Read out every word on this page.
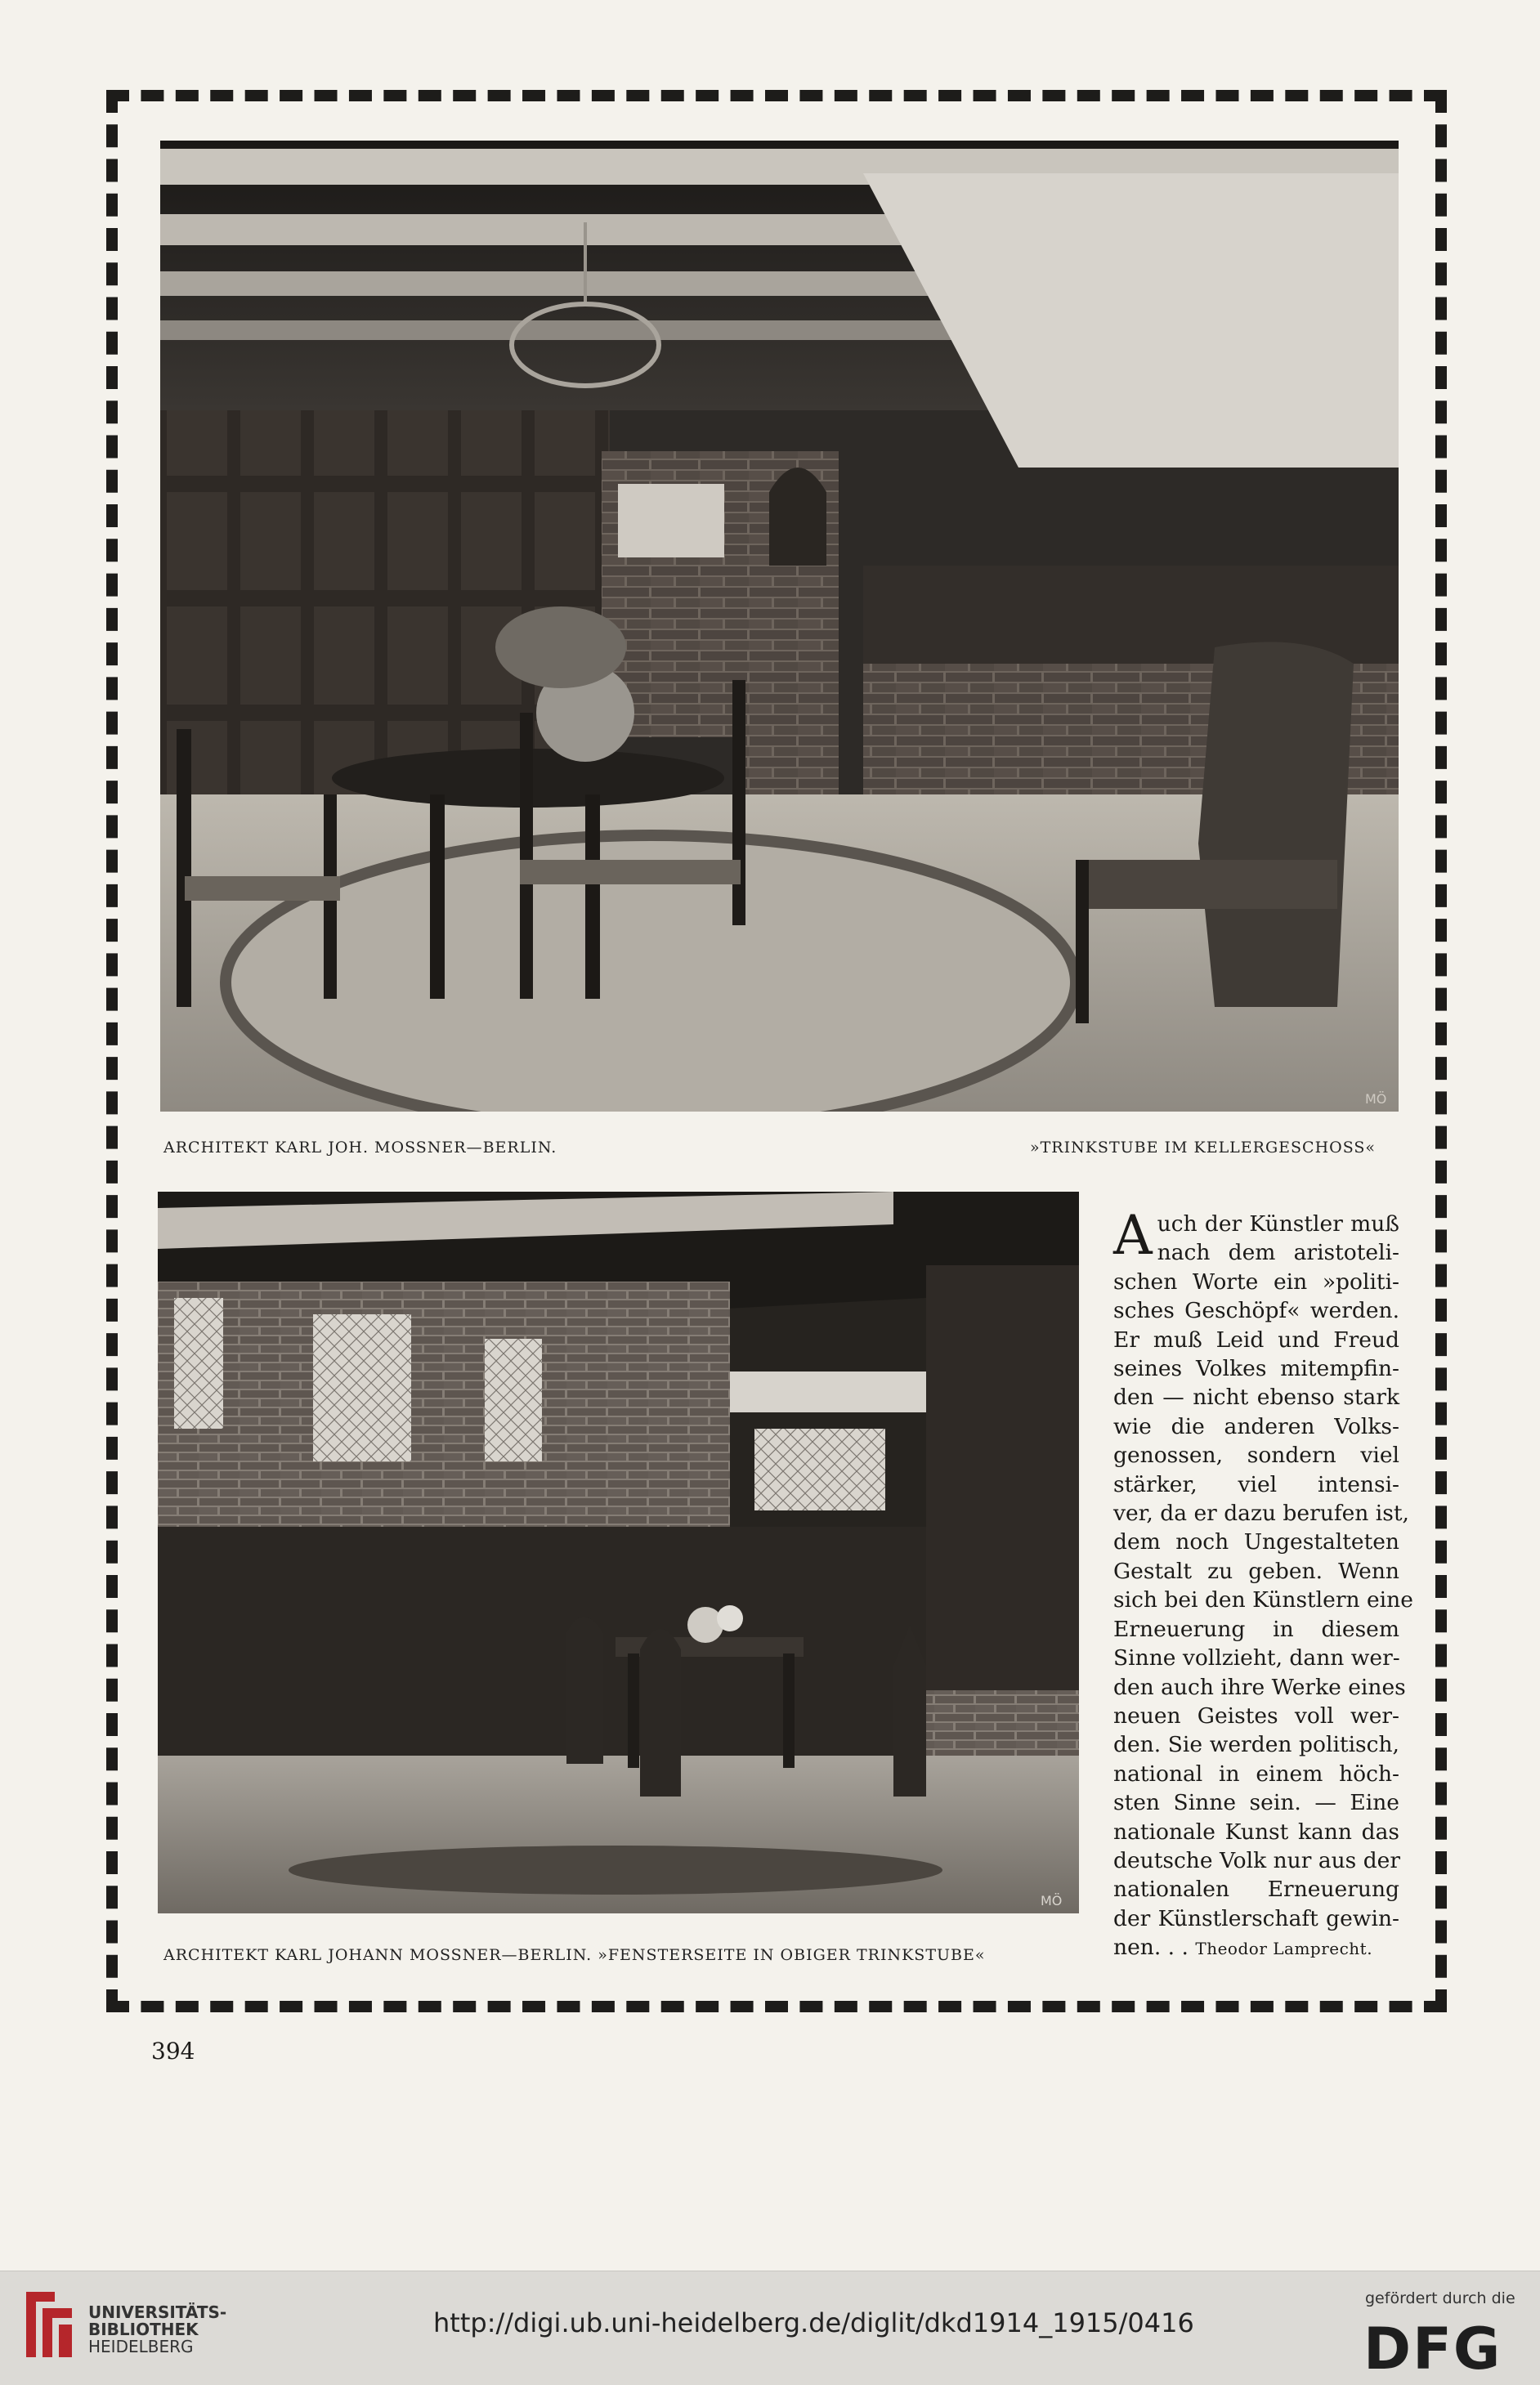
MÖ
ARCHITEKT KARL JOH. MOSSNER—BERLIN.	»TRINKSTUBE IM KELLERGESCHOSS«
MÖ
ARCHITEKT KARL JOHANN MOSSNER—BERLIN. »FENSTERSEITE IN OBIGER TRINKSTUBE«
A uch der Künstler muß
nach dem aristoteli-
schen Worte ein »politi-
sches Geschöpf« werden.
Er muß Leid und Freud
seines Volkes mitempfin-
den — nicht ebenso stark
wie die anderen Volks-
genossen, sondern viel
stärker, viel intensi-
ver, da er dazu berufen ist,
dem noch Ungestalteten
Gestalt zu geben. Wenn
sich bei den Künstlern eine
Erneuerung in diesem
Sinne vollzieht, dann wer-
den auch ihre Werke eines
neuen Geistes voll wer-
den. Sie werden politisch,
national in einem höch-
sten Sinne sein. — Eine
nationale Kunst kann das
deutsche Volk nur aus der
nationalen Erneuerung
der Künstlerschaft gewin-
nen. . . Theodor Lamprecht.
394
UNIVERSITÄTS-
BIBLIOTHEK
HEIDELBERG
http://digi.ub.uni-heidelberg.de/diglit/dkd1914_1915/0416
gefördert durch die
DFG
